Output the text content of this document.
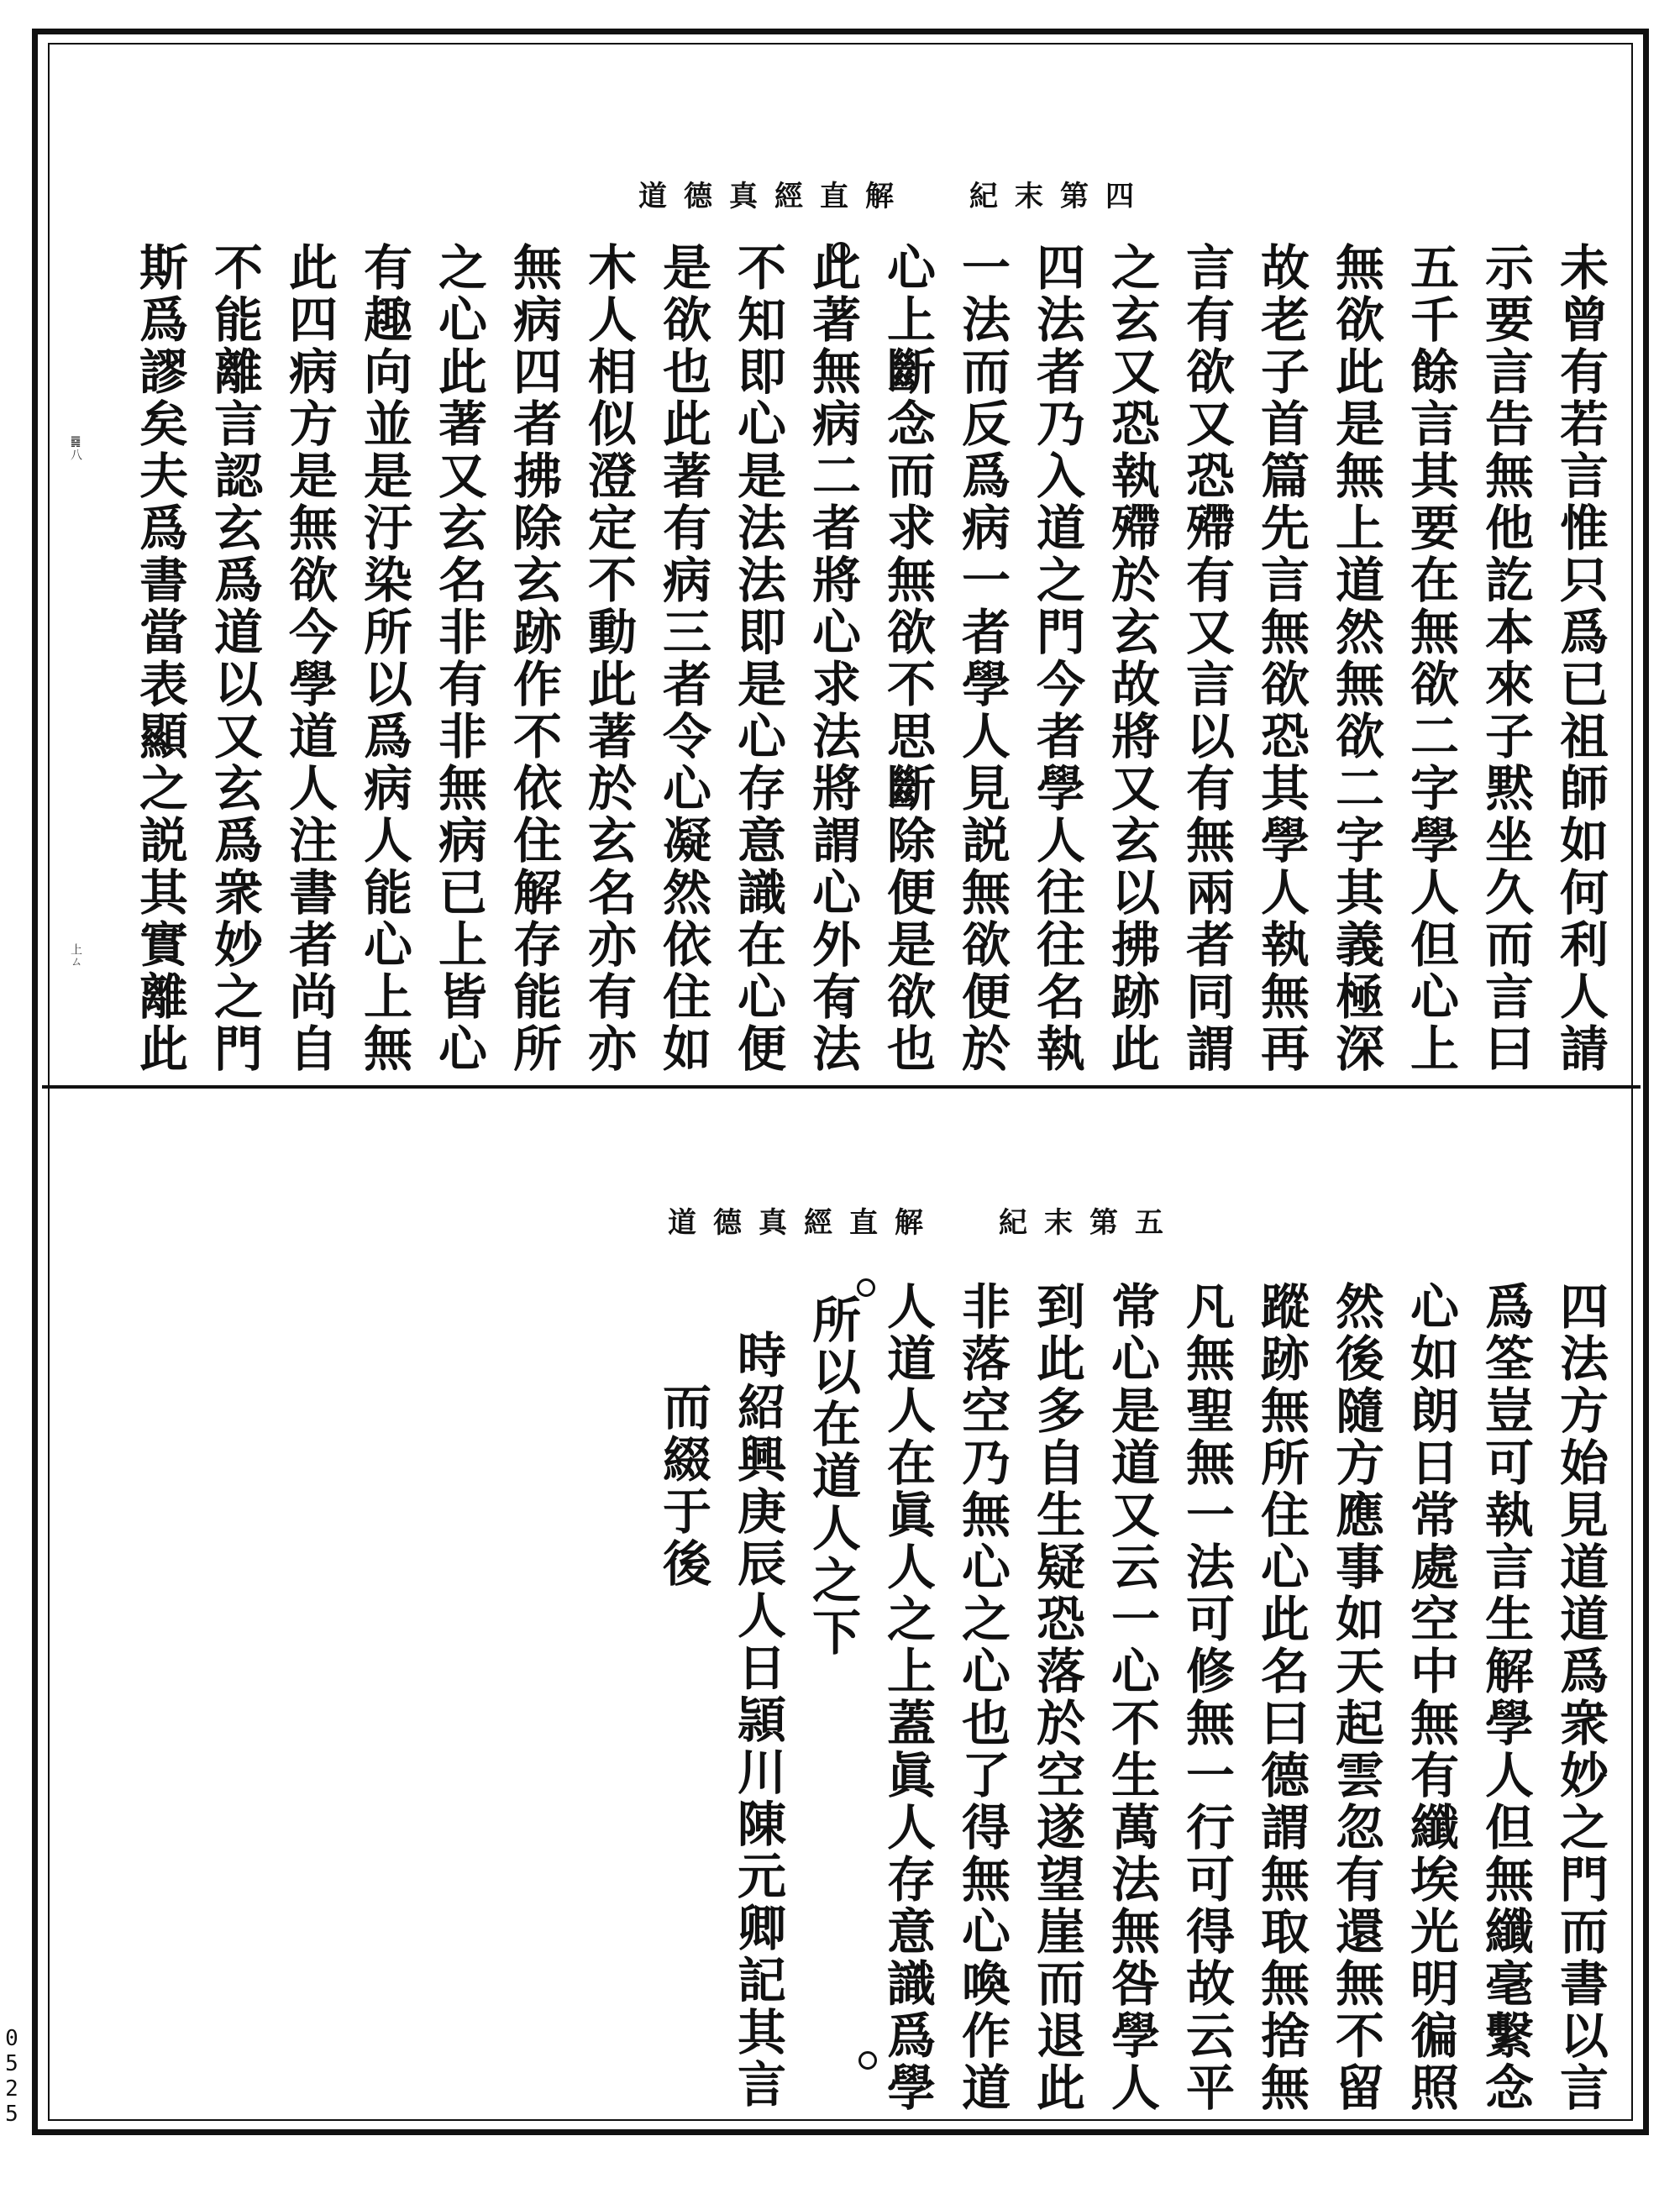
道德真經直解 紀末第四
䷸八
上ㄙ	未曾有若言惟只爲已祖師如何利人請
示要言告無他訖本來子黙坐久而言曰
五千餘言其要在無欲二字學人但心上
無欲此是無上道然無欲二字其義極深
故老子首篇先言無欲恐其學人執無再
言有欲又恐殢有又言以有無兩者同謂
之玄又恐執殢於玄故將又玄以拂跡此
四法者乃入道之門今者學人往往名執
一法而反爲病一者學人見説無欲便於
心上斷念而求無欲不思斷除便是欲也
此著無病二者將心求法將謂心外有法
不知即心是法法即是心存意識在心便
是欲也此著有病三者令心凝然依住如
木人相似澄定不動此著於玄名亦有亦
無病四者拂除玄跡作不依住解存能所
之心此著又玄名非有非無病已上皆心
有趣向並是汙染所以爲病人能心上無
此四病方是無欲今學道人注書者尚自
不能離言認玄爲道以又玄爲衆妙之門
斯爲謬矣夫爲書當表顯之説其實離此
道德真經直解 紀末第五
四法方始見道道爲衆妙之門而書以言
爲筌豈可執言生解學人但無纖毫繫念
心如朗日常處空中無有纖埃光明徧照
然後隨方應事如天起雲忽有還無不留
蹤跡無所住心此名曰德謂無取無捨無
凡無聖無一法可修無一行可得故云平
常心是道又云一心不生萬法無咎學人
到此多自生疑恐落於空遂望崖而退此
非落空乃無心之心也了得無心喚作道
人道人在眞人之上蓋眞人存意識爲學
所以在道人之下
時紹興庚辰人日頴川陳元卿記其言
而綴于後
0
5
2
5
